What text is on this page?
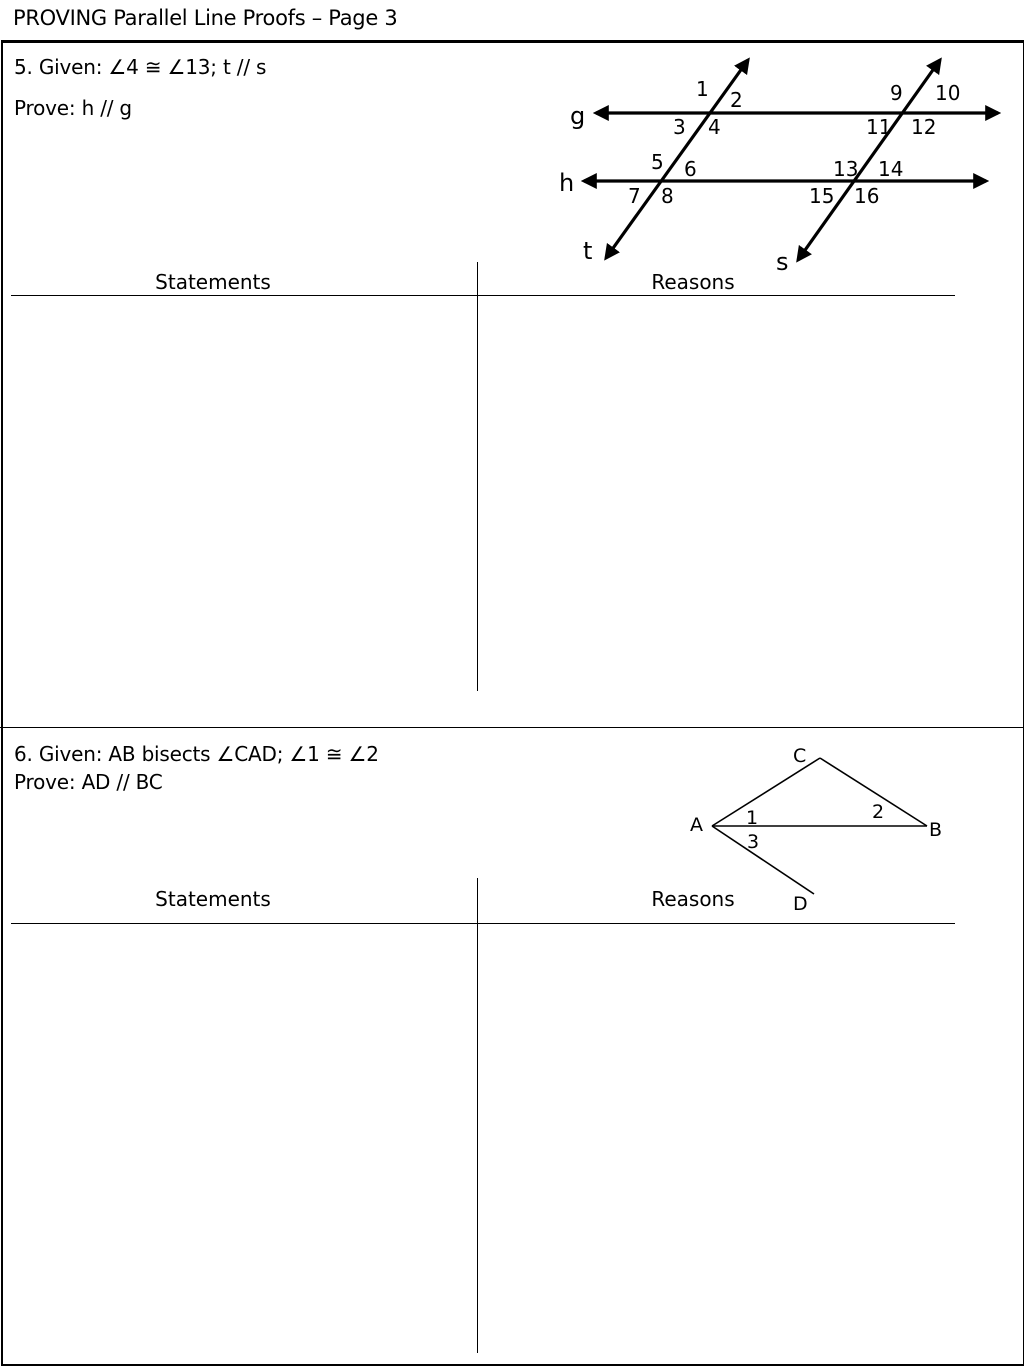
PROVING Parallel Line Proofs – Page 3
5. Given: ∠4 ≅ ∠13; t // s
Prove: h // g	g
h
t	s
1 2
3 4
5 6
7 8
9 10
11 12
13 14
15 16
Statements	Reasons
6. Given: AB bisects ∠CAD; ∠1 ≅ ∠2
Prove: AD // BC
C
A	B
D
1	2
3
Statements	Reasons
